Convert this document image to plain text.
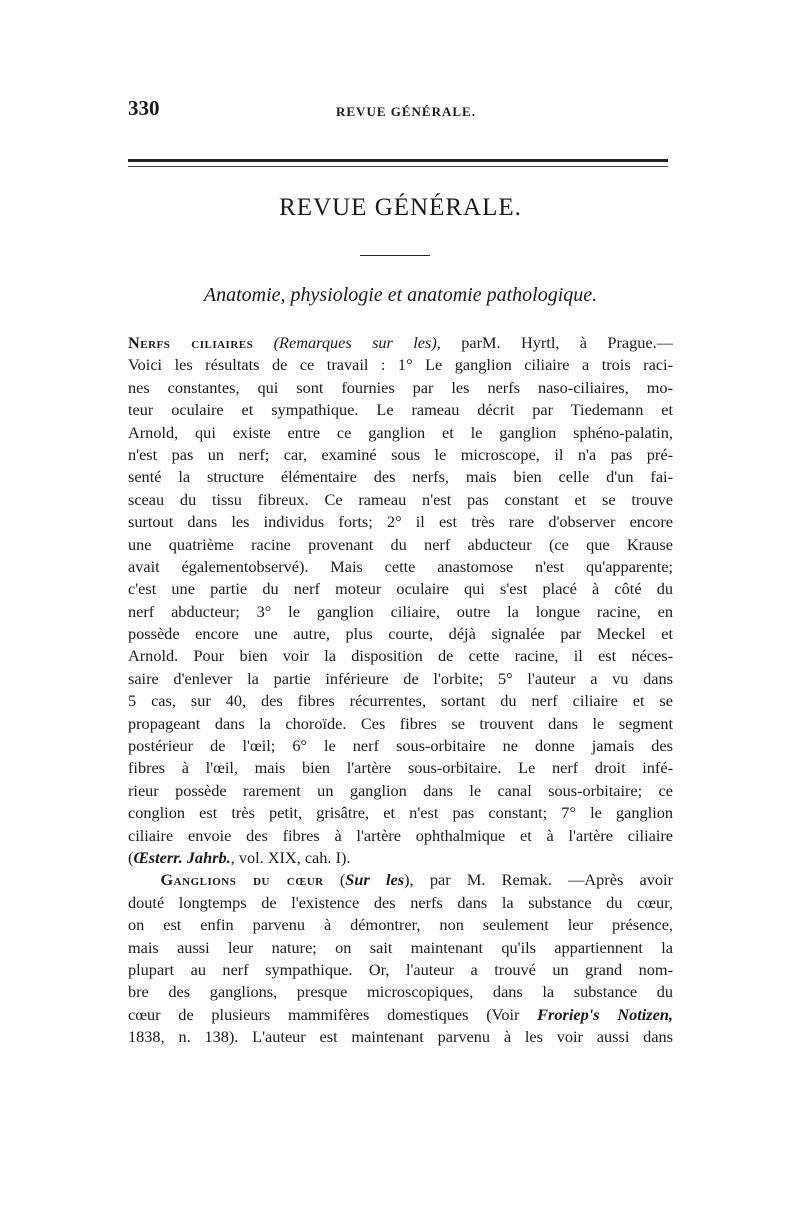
330	REVUE GÉNÉRALE.
REVUE GÉNÉRALE.
Anatomie, physiologie et anatomie pathologique.
Nerfs ciliaires (Remarques sur les), parM. Hyrtl, à Prague.—
Voici les résultats de ce travail : 1° Le ganglion ciliaire a trois raci-
nes constantes, qui sont fournies par les nerfs naso-ciliaires, mo-
teur oculaire et sympathique. Le rameau décrit par Tiedemann et
Arnold, qui existe entre ce ganglion et le ganglion sphéno-palatin,
n'est pas un nerf; car, examiné sous le microscope, il n'a pas pré-
senté la structure élémentaire des nerfs, mais bien celle d'un fai-
sceau du tissu fibreux. Ce rameau n'est pas constant et se trouve
surtout dans les individus forts; 2° il est très rare d'observer encore
une quatrième racine provenant du nerf abducteur (ce que Krause
avait égalementobservé). Mais cette anastomose n'est qu'apparente;
c'est une partie du nerf moteur oculaire qui s'est placé à côté du
nerf abducteur; 3° le ganglion ciliaire, outre la longue racine, en
possède encore une autre, plus courte, déjà signalée par Meckel et
Arnold. Pour bien voir la disposition de cette racine, il est néces-
saire d'enlever la partie inférieure de l'orbite; 5° l'auteur a vu dans
5 cas, sur 40, des fibres récurrentes, sortant du nerf ciliaire et se
propageant dans la choroïde. Ces fibres se trouvent dans le segment
postérieur de l'œil; 6° le nerf sous-orbitaire ne donne jamais des
fibres à l'œil, mais bien l'artère sous-orbitaire. Le nerf droit infé-
rieur possède rarement un ganglion dans le canal sous-orbitaire; ce
conglion est très petit, grisâtre, et n'est pas constant; 7° le ganglion
ciliaire envoie des fibres à l'artère ophthalmique et à l'artère ciliaire
(Œsterr. Jahrb., vol. XIX, cah. I).
Ganglions du cœur (Sur les), par M. Remak. —Après avoir
douté longtemps de l'existence des nerfs dans la substance du cœur,
on est enfin parvenu à démontrer, non seulement leur présence,
mais aussi leur nature; on sait maintenant qu'ils appartiennent la
plupart au nerf sympathique. Or, l'auteur a trouvé un grand nom-
bre des ganglions, presque microscopiques, dans la substance du
cœur de plusieurs mammifères domestiques (Voir Froriep's Notizen,
1838, n. 138). L'auteur est maintenant parvenu à les voir aussi dans
